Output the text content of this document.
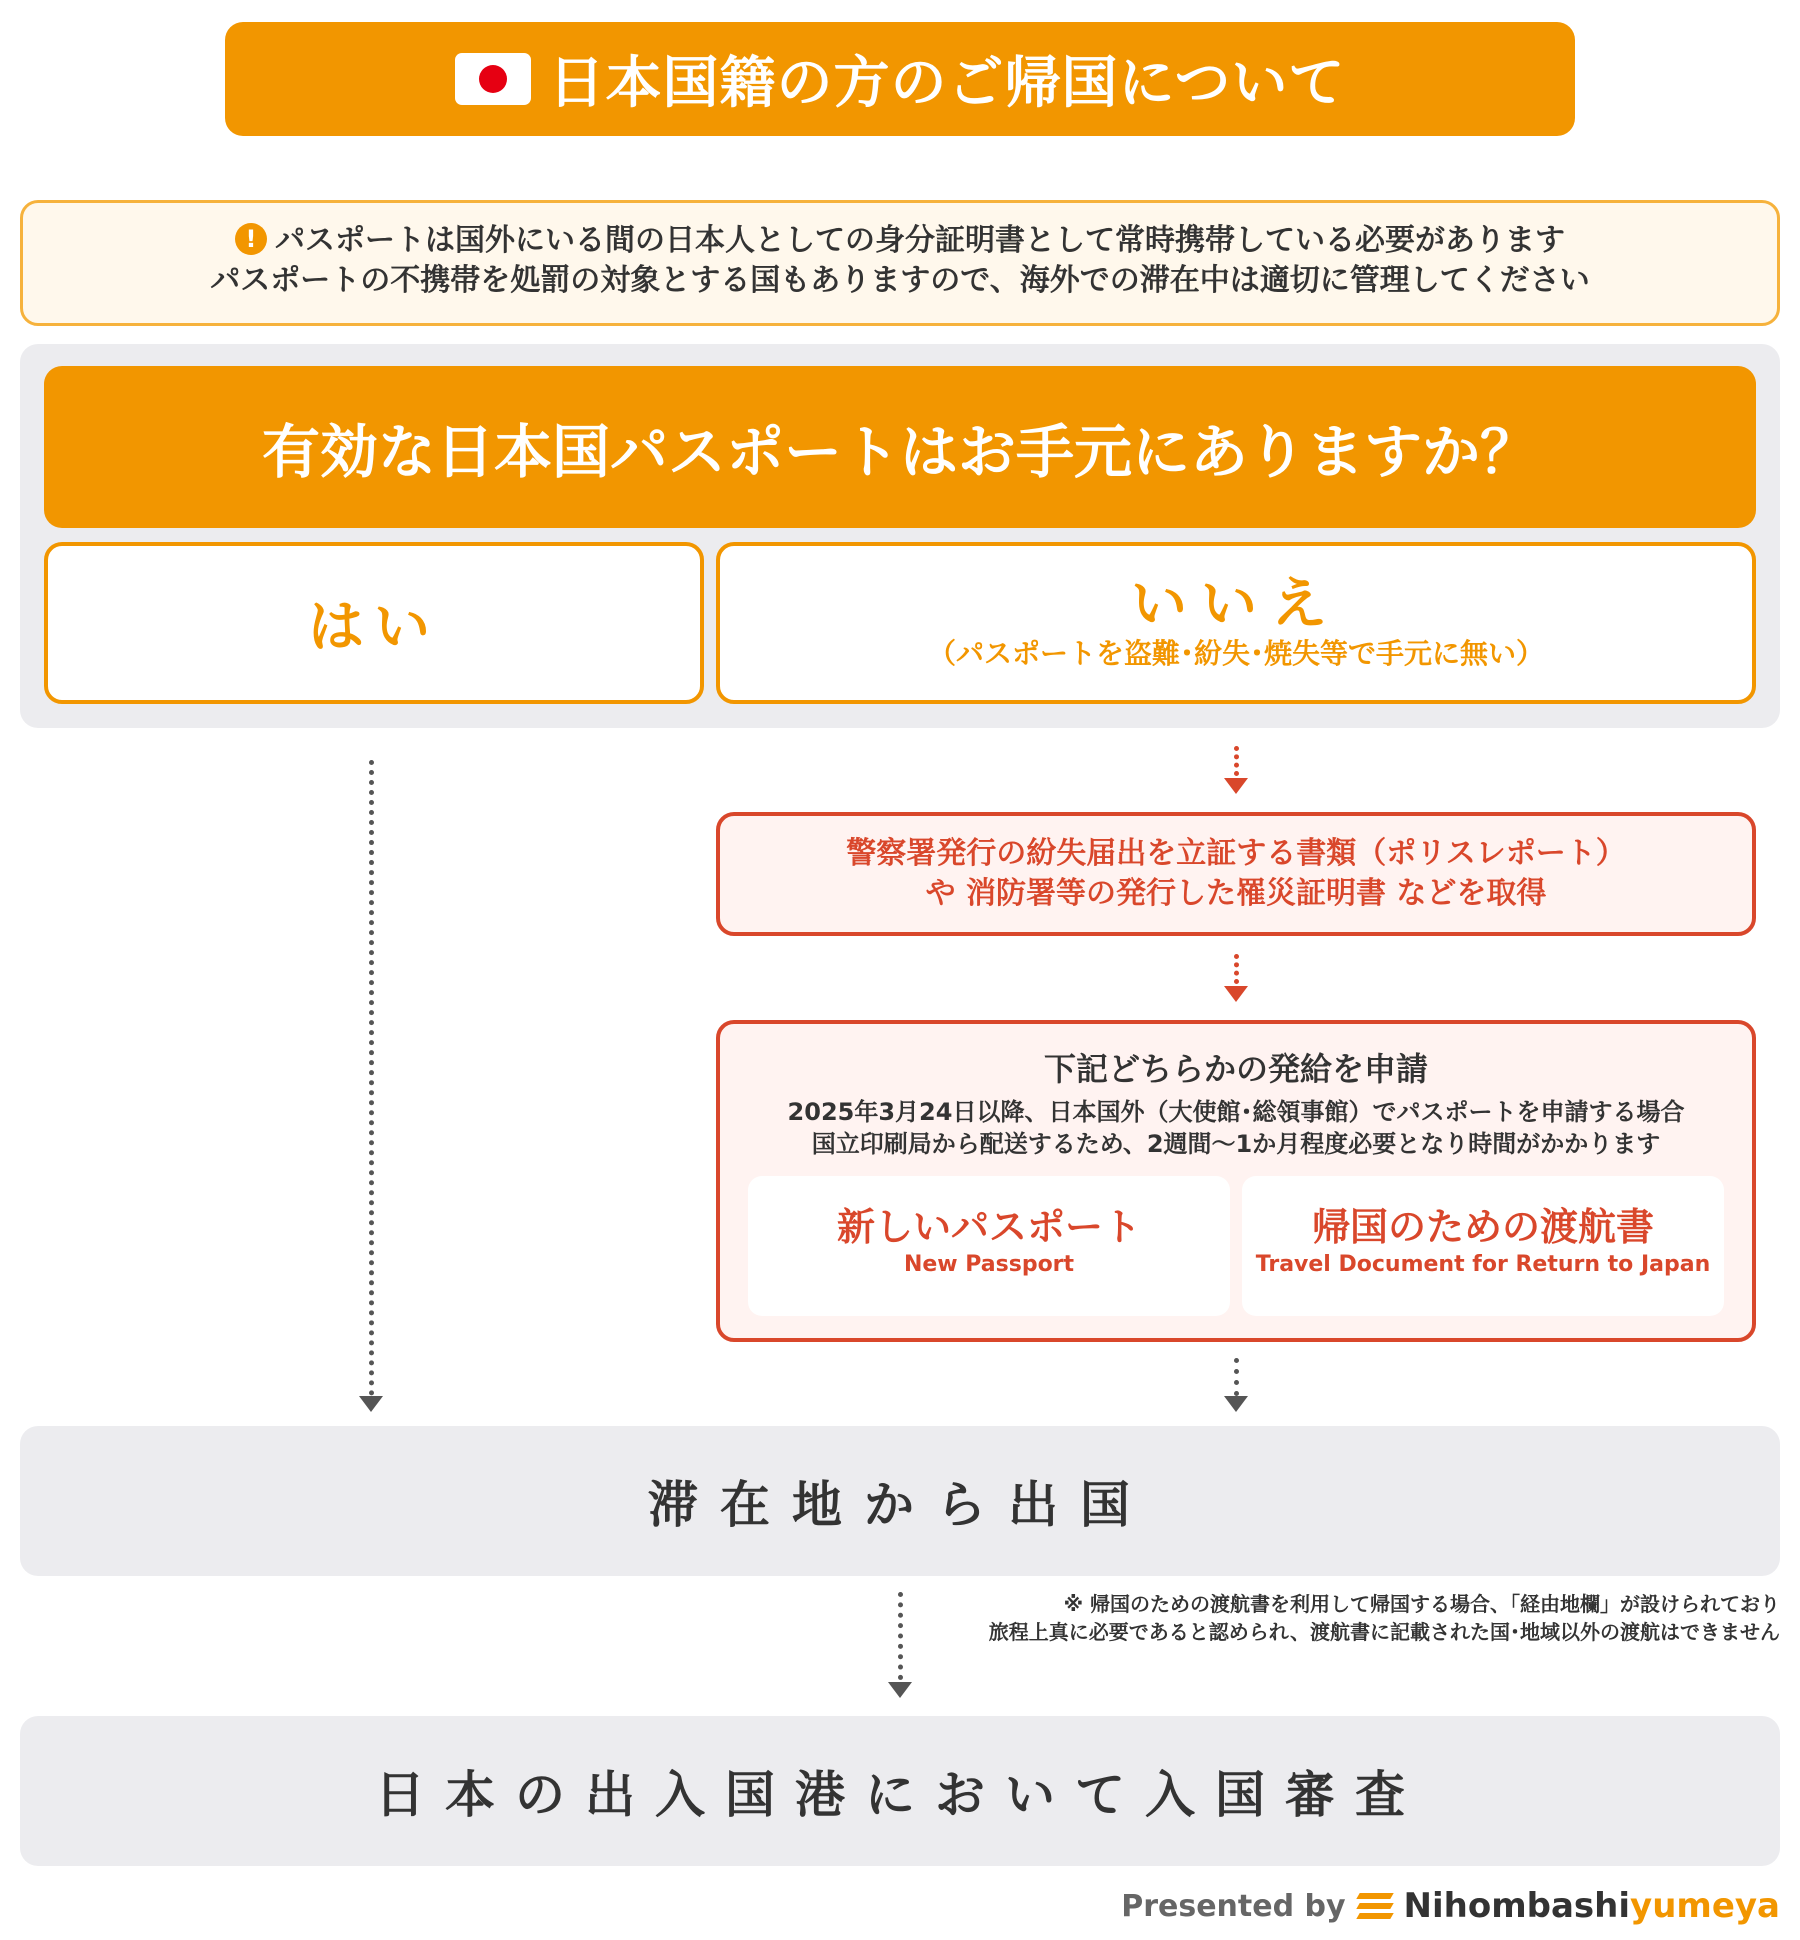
日本国籍の方のご帰国について
! パスポートは国外にいる間の日本人としての身分証明書として常時携帯している必要があります
パスポートの不携帯を処罰の対象とする国もありますので、海外での滞在中は適切に管理してください
有効な日本国パスポートはお手元にありますか？
はい	いいえ
（パスポートを盗難･紛失･焼失等で手元に無い）
警察署発行の紛失届出を立証する書類（ポリスレポート）
や 消防署等の発行した罹災証明書 などを取得
下記どちらかの発給を申請
2025年3月24日以降、日本国外（大使館･総領事館）でパスポートを申請する場合
国立印刷局から配送するため、2週間〜1か月程度必要となり時間がかかります
新しいパスポート
New Passport
帰国のための渡航書
Travel Document for Return to Japan
滞在地から出国
※ 帰国のための渡航書を利用して帰国する場合、「経由地欄」が設けられており
旅程上真に必要であると認められ、渡航書に記載された国･地域以外の渡航はできません
日本の出入国港において入国審査
Presented by Nihombashiyumeya
